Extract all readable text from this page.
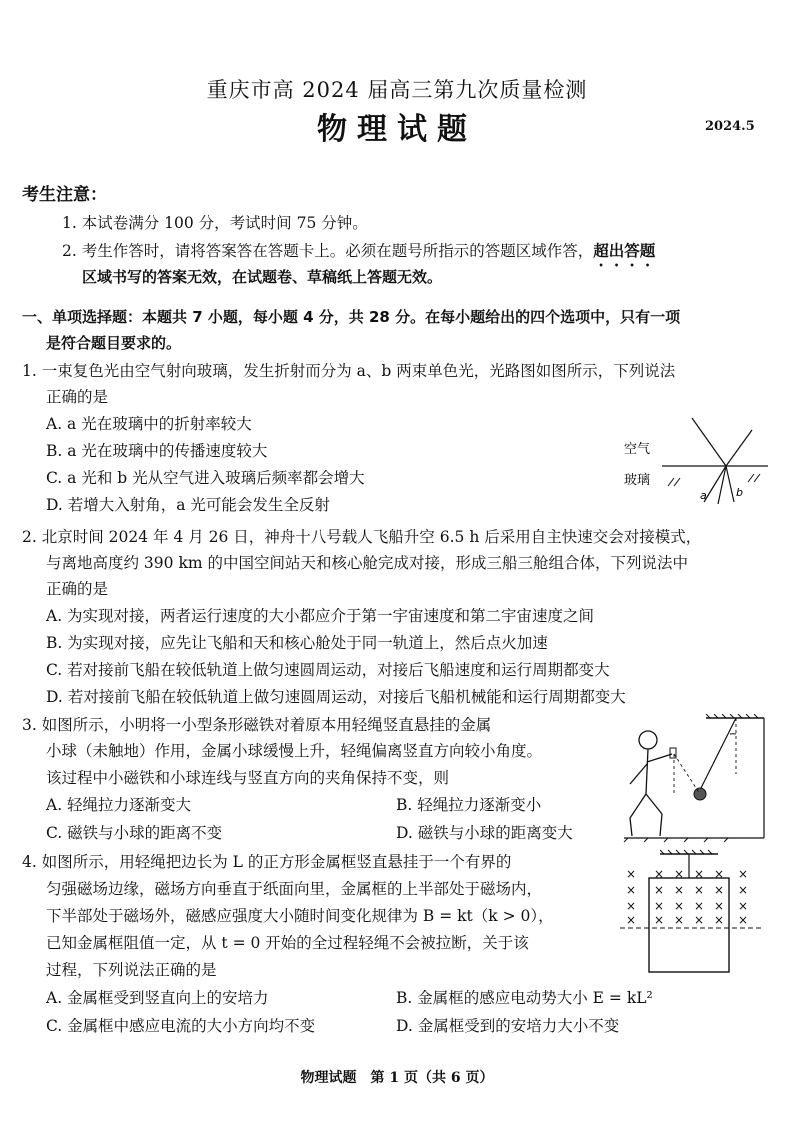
重庆市高 2024 届高三第九次质量检测
物理试题	2024.5
考生注意：
1. 本试卷满分 100 分，考试时间 75 分钟。
2. 考生作答时，请将答案答在答题卡上。必须在题号所指示的答题区域作答，超出答题
区域书写的答案无效，在试题卷、草稿纸上答题无效。
一、单项选择题：本题共 7 小题，每小题 4 分，共 28 分。在每小题给出的四个选项中，只有一项
是符合题目要求的。
1. 一束复色光由空气射向玻璃，发生折射而分为 a、b 两束单色光，光路图如图所示，下列说法
正确的是
A. a 光在玻璃中的折射率较大
B. a 光在玻璃中的传播速度较大
C. a 光和 b 光从空气进入玻璃后频率都会增大
D. 若增大入射角，a 光可能会发生全反射
空气
玻璃
a	b
2. 北京时间 2024 年 4 月 26 日，神舟十八号载人飞船升空 6.5 h 后采用自主快速交会对接模式，
与离地高度约 390 km 的中国空间站天和核心舱完成对接，形成三船三舱组合体，下列说法中
正确的是
A. 为实现对接，两者运行速度的大小都应介于第一宇宙速度和第二宇宙速度之间
B. 为实现对接，应先让飞船和天和核心舱处于同一轨道上，然后点火加速
C. 若对接前飞船在较低轨道上做匀速圆周运动，对接后飞船速度和运行周期都变大
D. 若对接前飞船在较低轨道上做匀速圆周运动，对接后飞船机械能和运行周期都变大
3. 如图所示，小明将一小型条形磁铁对着原本用轻绳竖直悬挂的金属
小球（未触地）作用，金属小球缓慢上升，轻绳偏离竖直方向较小角度。
该过程中小磁铁和小球连线与竖直方向的夹角保持不变，则
A. 轻绳拉力逐渐变大	B. 轻绳拉力逐渐变小
C. 磁铁与小球的距离不变	D. 磁铁与小球的距离变大
4. 如图所示，用轻绳把边长为 L 的正方形金属框竖直悬挂于一个有界的
匀强磁场边缘，磁场方向垂直于纸面向里，金属框的上半部处于磁场内，
下半部处于磁场外，磁感应强度大小随时间变化规律为 B = kt（k > 0），
已知金属框阻值一定，从 t = 0 开始的全过程轻绳不会被拉断，关于该
过程，下列说法正确的是
A. 金属框受到竖直向上的安培力	B. 金属框的感应电动势大小 E = kL²
C. 金属框中感应电流的大小方向均不变	D. 金属框受到的安培力大小不变
× × × × × ×
× × × × × ×
× × × × × ×
× × × × × ×
物理试题　第 1 页（共 6 页）
